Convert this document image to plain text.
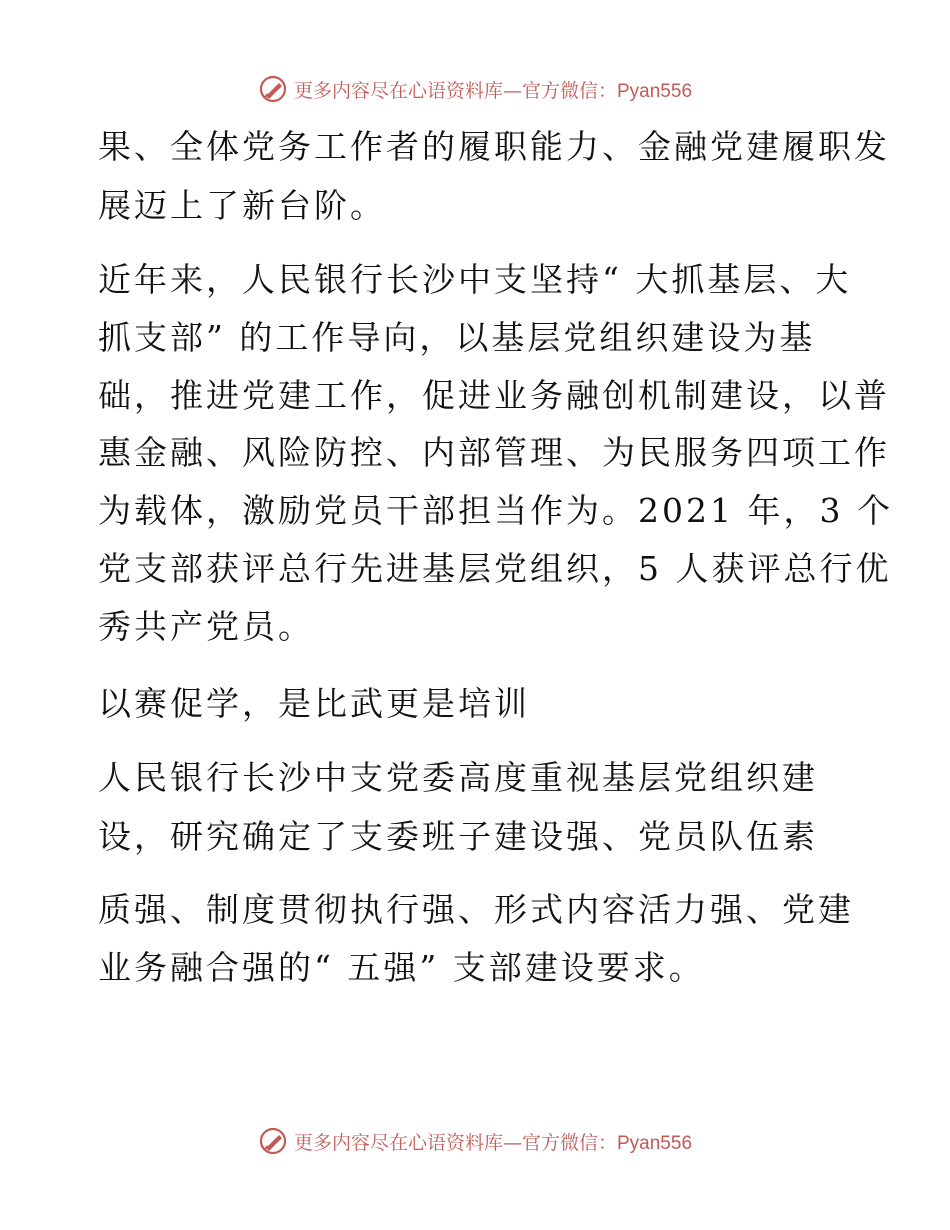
更多内容尽在心语资料库—官方微信：Pyan556
果、全体党务工作者的履职能力、金融党建履职发
展迈上了新台阶。
近年来，人民银行长沙中支坚持“ 大抓基层、大
抓支部” 的工作导向，以基层党组织建设为基
础，推进党建工作，促进业务融创机制建设，以普
惠金融、风险防控、内部管理、为民服务四项工作
为载体，激励党员干部担当作为。2021 年，3 个
党支部获评总行先进基层党组织，5 人获评总行优
秀共产党员。
以赛促学，是比武更是培训
人民银行长沙中支党委高度重视基层党组织建
设，研究确定了支委班子建设强、党员队伍素
质强、制度贯彻执行强、形式内容活力强、党建
业务融合强的“ 五强” 支部建设要求。
更多内容尽在心语资料库—官方微信：Pyan556
